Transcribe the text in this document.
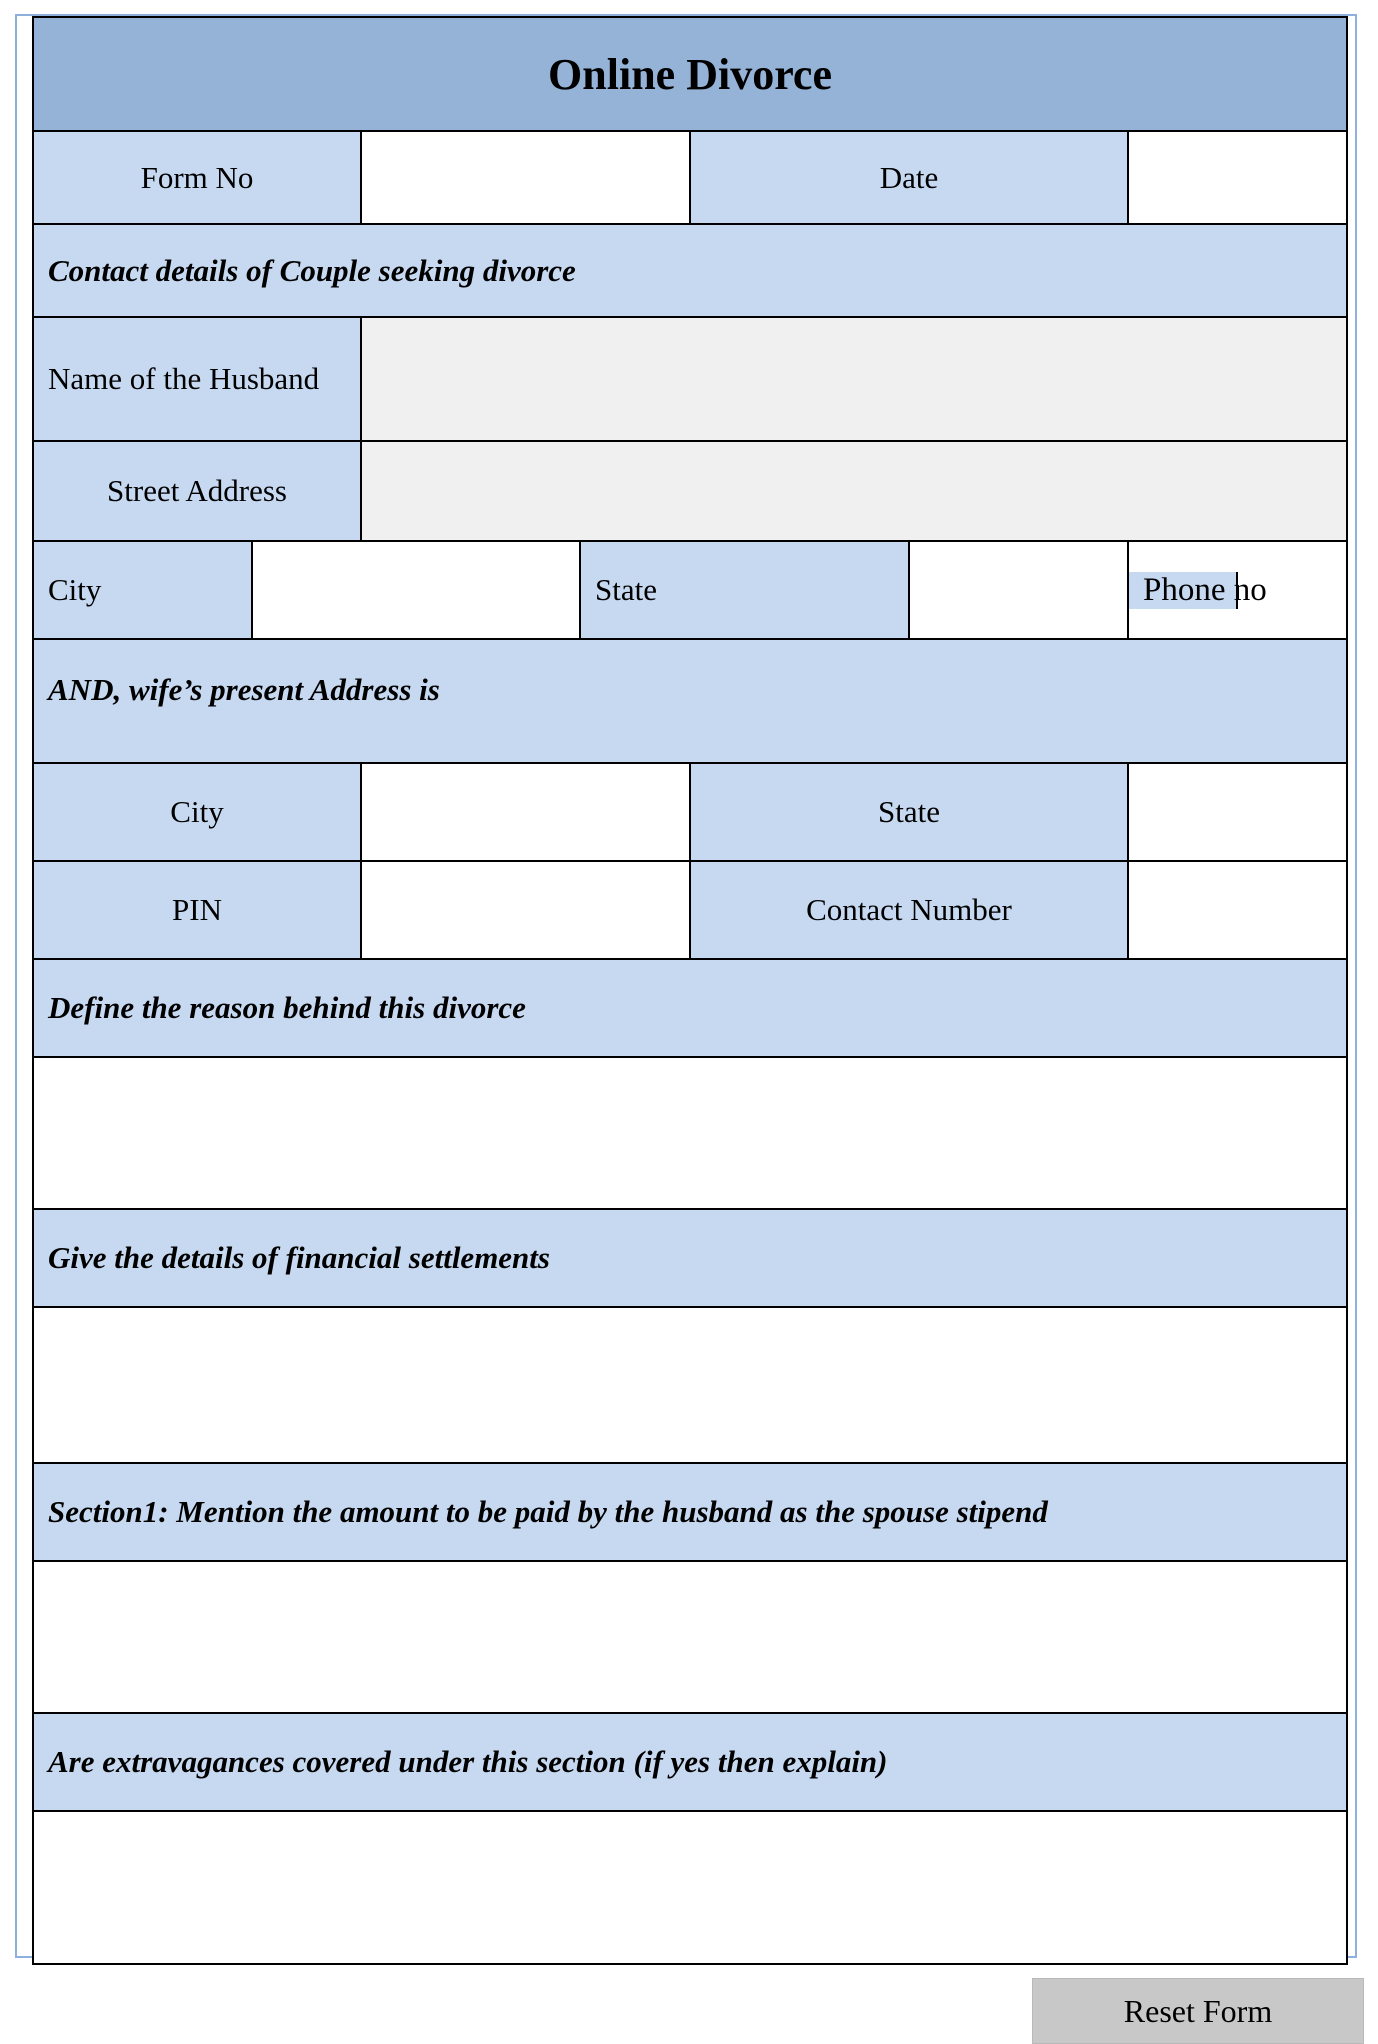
Online Divorce						
Form No				Date	

Contact details of Couple seeking divorce						
Name of the Husband	

Street Address	

City			State			Phone no

AND, wife’s present Address is						
City				State	

PIN				Contact Number	

Define the reason behind this divorce						

Give the details of financial settlements						

Section1: Mention the amount to be paid by the husband as the spouse stipend						

Are extravagances covered under this section (if yes then explain)						

Reset Form
